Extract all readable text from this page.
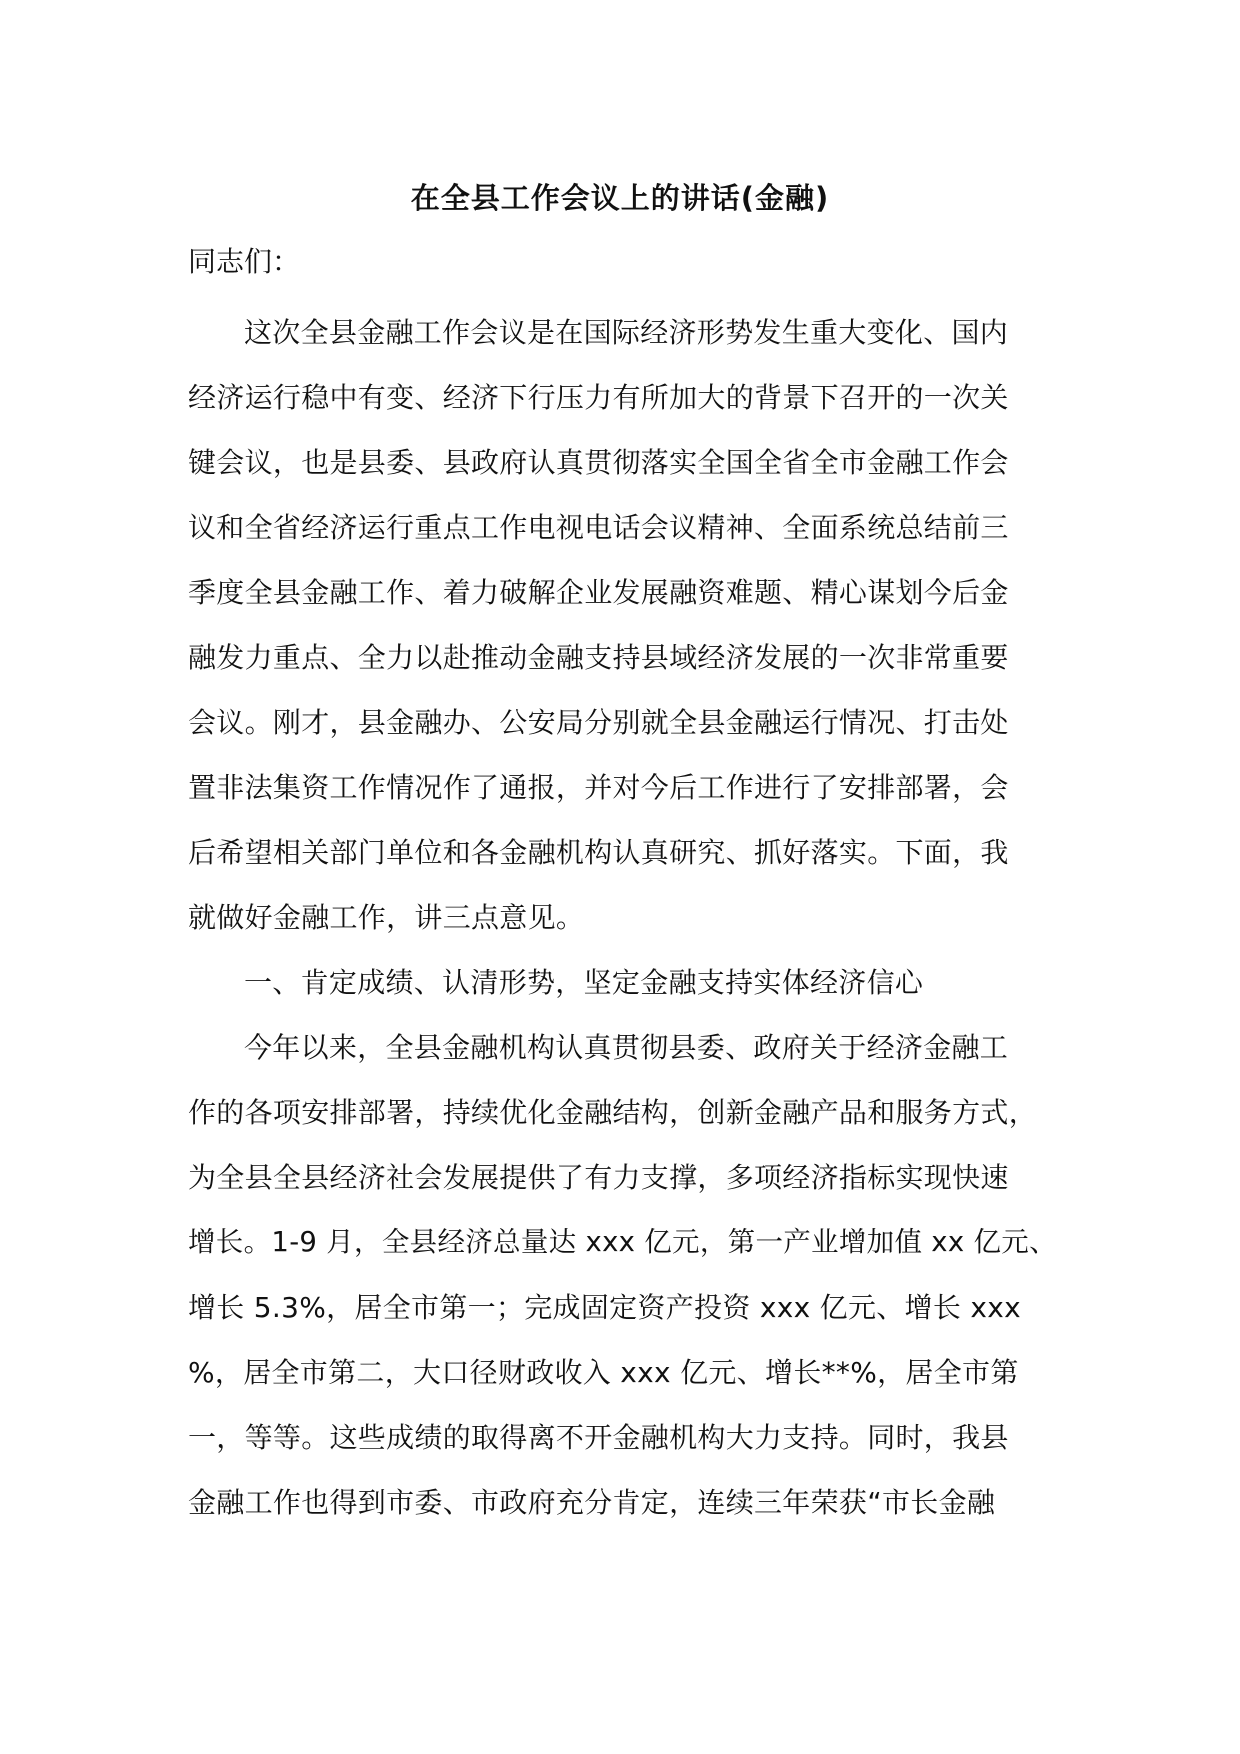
在全县工作会议上的讲话(金融)
同志们：
这次全县金融工作会议是在国际经济形势发生重大变化、国内
经济运行稳中有变、经济下行压力有所加大的背景下召开的一次关
键会议，也是县委、县政府认真贯彻落实全国全省全市金融工作会
议和全省经济运行重点工作电视电话会议精神、全面系统总结前三
季度全县金融工作、着力破解企业发展融资难题、精心谋划今后金
融发力重点、全力以赴推动金融支持县域经济发展的一次非常重要
会议。刚才，县金融办、公安局分别就全县金融运行情况、打击处
置非法集资工作情况作了通报，并对今后工作进行了安排部署，会
后希望相关部门单位和各金融机构认真研究、抓好落实。下面，我
就做好金融工作，讲三点意见。
一、肯定成绩、认清形势，坚定金融支持实体经济信心
今年以来，全县金融机构认真贯彻县委、政府关于经济金融工
作的各项安排部署，持续优化金融结构，创新金融产品和服务方式，
为全县全县经济社会发展提供了有力支撑，多项经济指标实现快速
增长。1-9 月，全县经济总量达 xxx 亿元，第一产业增加值 xx 亿元、
增长 5.3%，居全市第一；完成固定资产投资 xxx 亿元、增长 xxx
%，居全市第二，大口径财政收入 xxx 亿元、增长**%，居全市第
一，等等。这些成绩的取得离不开金融机构大力支持。同时，我县
金融工作也得到市委、市政府充分肯定，连续三年荣获“市长金融
